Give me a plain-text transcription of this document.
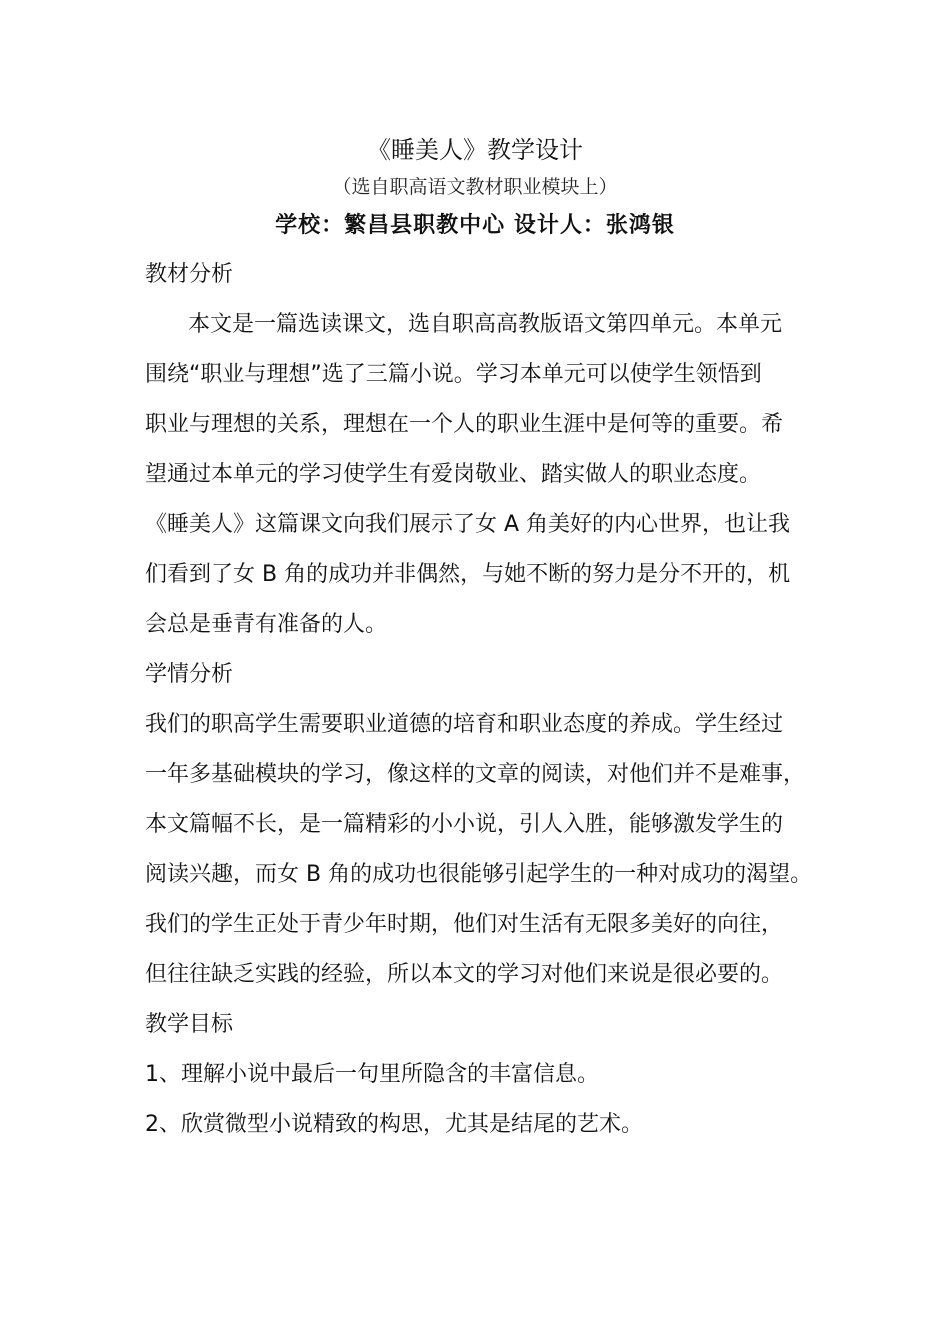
《睡美人》教学设计
（选自职高语文教材职业模块上）
学校：繁昌县职教中心 设计人：张鸿银
教材分析
本文是一篇选读课文，选自职高高教版语文第四单元。本单元
围绕“职业与理想”选了三篇小说。学习本单元可以使学生领悟到
职业与理想的关系，理想在一个人的职业生涯中是何等的重要。希
望通过本单元的学习使学生有爱岗敬业、踏实做人的职业态度。
《睡美人》这篇课文向我们展示了女 A 角美好的内心世界，也让我
们看到了女 B 角的成功并非偶然，与她不断的努力是分不开的，机
会总是垂青有准备的人。
学情分析
我们的职高学生需要职业道德的培育和职业态度的养成。学生经过
一年多基础模块的学习，像这样的文章的阅读，对他们并不是难事，
本文篇幅不长，是一篇精彩的小小说，引人入胜，能够激发学生的
阅读兴趣，而女 B 角的成功也很能够引起学生的一种对成功的渴望。
我们的学生正处于青少年时期，他们对生活有无限多美好的向往，
但往往缺乏实践的经验，所以本文的学习对他们来说是很必要的。
教学目标
1、理解小说中最后一句里所隐含的丰富信息。
2、欣赏微型小说精致的构思，尤其是结尾的艺术。
